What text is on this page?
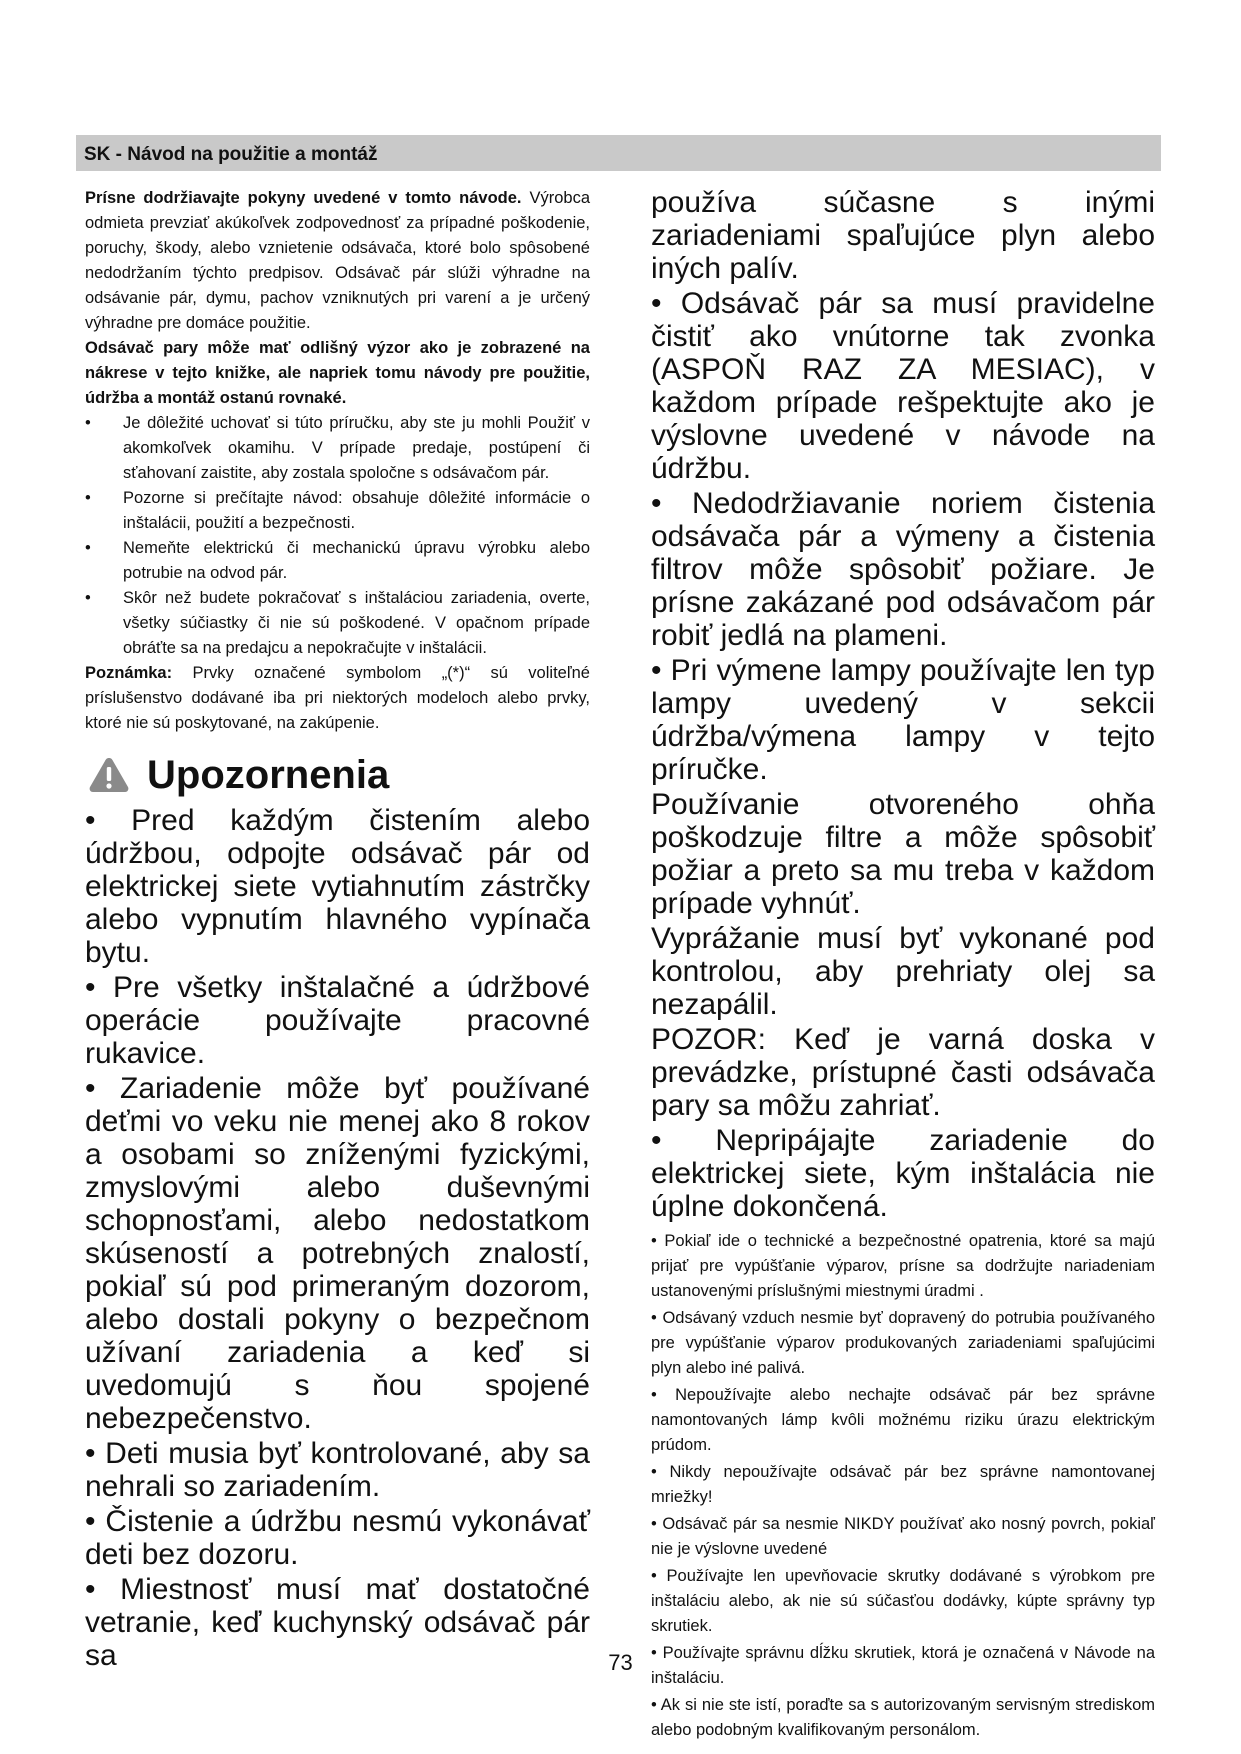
SK - Návod na použitie a montáž

Prísne dodržiavajte pokyny uvedené v tomto návode. Výrobca odmieta prevziať akúkoľvek zodpovednosť za prípadné poškodenie, poruchy, škody, alebo vznietenie odsávača, ktoré bolo spôsobené nedodržaním týchto predpisov. Odsávač pár slúži výhradne na odsávanie pár, dymu, pachov vzniknutých pri varení a je určený výhradne pre domáce použitie.

Odsávač pary môže mať odlišný výzor ako je zobrazené na nákrese v tejto knižke, ale napriek tomu návody pre použitie, údržba a montáž ostanú rovnaké.

• Je dôležité uchovať si túto príručku, aby ste ju mohli Použiť v akomkoľvek okamihu. V prípade predaje, postúpení či sťahovaní zaistite, aby zostala spoločne s odsávačom pár.
• Pozorne si prečítajte návod: obsahuje dôležité informácie o inštalácii, použití a bezpečnosti.
• Nemeňte elektrickú či mechanickú úpravu výrobku alebo potrubie na odvod pár.
• Skôr než budete pokračovať s inštaláciou zariadenia, overte, všetky súčiastky či nie sú poškodené. V opačnom prípade obráťte sa na predajcu a nepokračujte v inštalácii.

Poznámka: Prvky označené symbolom „(*)“ sú voliteľné príslušenstvo dodávané iba pri niektorých modeloch alebo prvky, ktoré nie sú poskytované, na zakúpenie.

Upozornenia

• Pred každým čistením alebo údržbou, odpojte odsávač pár od elektrickej siete vytiahnutím zástrčky alebo vypnutím hlavného vypínača bytu.

• Pre všetky inštalačné a údržbové operácie používajte pracovné rukavice.

• Zariadenie môže byť používané deťmi vo veku nie menej ako 8 rokov a osobami so zníženými fyzickými, zmyslovými alebo duševnými schopnosťami, alebo nedostatkom skúseností a potrebných znalostí, pokiaľ sú pod primeraným dozorom, alebo dostali pokyny o bezpečnom užívaní zariadenia a keď si uvedomujú s ňou spojené nebezpečenstvo.

• Deti musia byť kontrolované, aby sa nehrali so zariadením.

• Čistenie a údržbu nesmú vykonávať deti bez dozoru.

• Miestnosť musí mať dostatočné vetranie, keď kuchynský odsávač pár sa

používa súčasne s inými zariadeniami spaľujúce plyn alebo iných palív.

• Odsávač pár sa musí pravidelne čistiť ako vnútorne tak zvonka (ASPOŇ RAZ ZA MESIAC), v každom prípade rešpektujte ako je výslovne uvedené v návode na údržbu.

• Nedodržiavanie noriem čistenia odsávača pár a výmeny a čistenia filtrov môže spôsobiť požiare. Je prísne zakázané pod odsávačom pár robiť jedlá na plameni.

• Pri výmene lampy používajte len typ lampy uvedený v sekcii údržba/výmena lampy v tejto príručke.

Používanie otvoreného ohňa poškodzuje filtre a môže spôsobiť požiar a preto sa mu treba v každom prípade vyhnúť.

Vyprážanie musí byť vykonané pod kontrolou, aby prehriaty olej sa nezapálil.

POZOR: Keď je varná doska v prevádzke, prístupné časti odsávača pary sa môžu zahriať.

• Nepripájajte zariadenie do elektrickej siete, kým inštalácia nie úplne dokončená.

• Pokiaľ ide o technické a bezpečnostné opatrenia, ktoré sa majú prijať pre vypúšťanie výparov, prísne sa dodržujte nariadeniam ustanovenými príslušnými miestnymi úradmi .

• Odsávaný vzduch nesmie byť dopravený do potrubia používaného pre vypúšťanie výparov produkovaných zariadeniami spaľujúcimi plyn alebo iné palivá.

• Nepoužívajte alebo nechajte odsávač pár bez správne namontovaných lámp kvôli možnému riziku úrazu elektrickým prúdom.

• Nikdy nepoužívajte odsávač pár bez správne namontovanej mriežky!

• Odsávač pár sa nesmie NIKDY používať ako nosný povrch, pokiaľ nie je výslovne uvedené

• Používajte len upevňovacie skrutky dodávané s výrobkom pre inštaláciu alebo, ak nie sú súčasťou dodávky, kúpte správny typ skrutiek.

• Používajte správnu dĺžku skrutiek, ktorá je označená v Návode na inštaláciu.

• Ak si nie ste istí, poraďte sa s autorizovaným servisným strediskom alebo podobným kvalifikovaným personálom.

73
